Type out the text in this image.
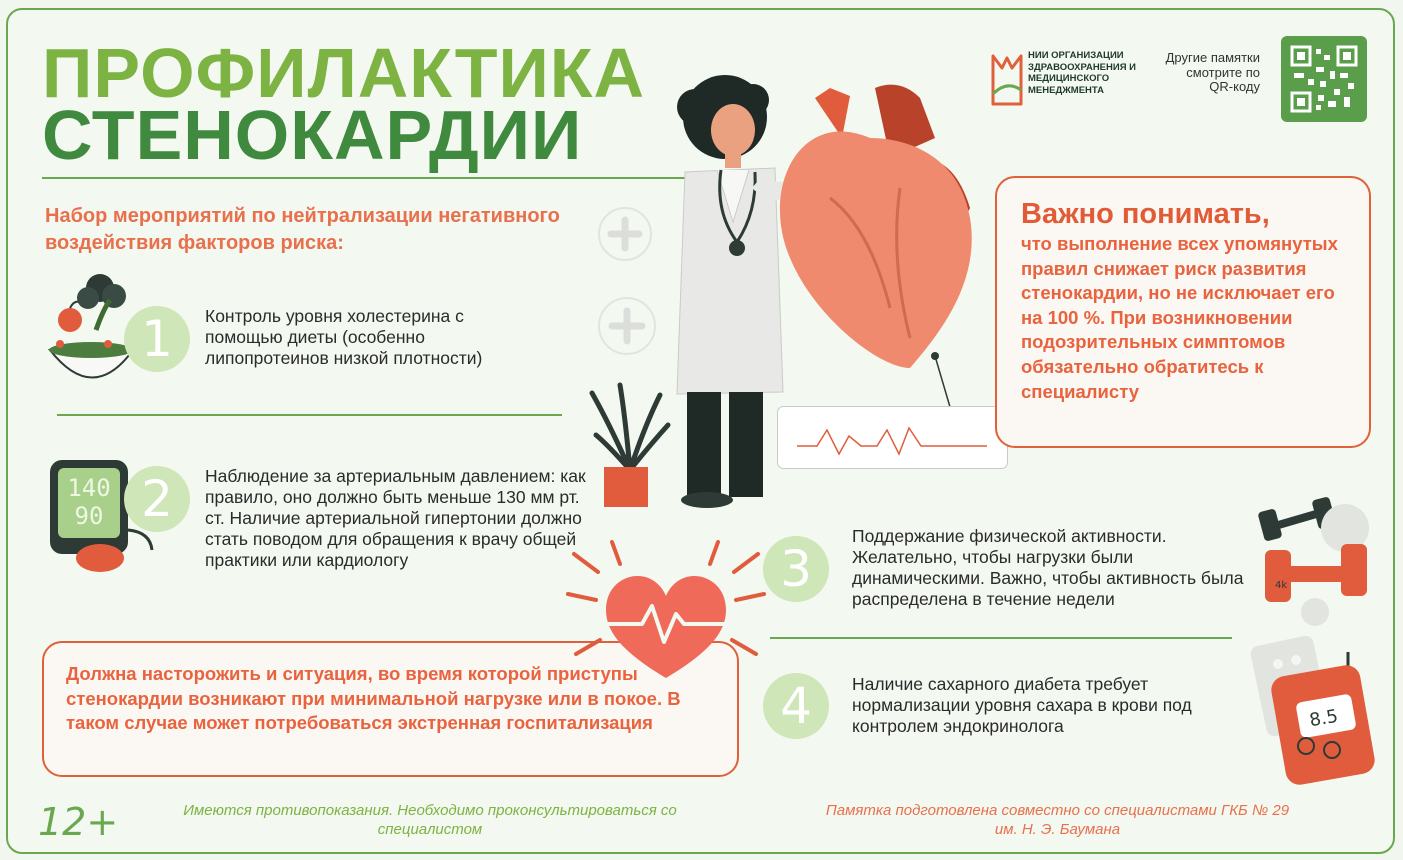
ПРОФИЛАКТИКА
СТЕНОКАРДИИ
НИИ ОРГАНИЗАЦИИ ЗДРАВООХРАНЕНИЯ И МЕДИЦИНСКОГО МЕНЕДЖМЕНТА
Другие памятки смотрите по QR-коду
Набор мероприятий по нейтрализации негативного воздействия факторов риска:
1	Контроль уровня холестерина с помощью диеты (особенно липопротеинов низкой плотности)
140
90 2	Наблюдение за артериальным давлением: как правило, оно должно быть меньше 130 мм рт. ст. Наличие артериальной гипертонии должно стать поводом для обращения к врачу общей практики или кардиологу
Важно понимать,
что выполнение всех упомянутых правил снижает риск развития стенокардии, но не исключает его на 100 %. При возникновении подозрительных симптомов обязательно обратитесь к специалисту
3
Поддержание физической активности. Желательно, чтобы нагрузки были динамическими. Важно, чтобы активность была распределена в течение недели
4k
4	Наличие сахарного диабета требует нормализации уровня сахара в крови под контролем эндокринолога	8.5
Должна насторожить и ситуация, во время которой приступы стенокардии возникают при минимальной нагрузке или в покое. В таком случае может потребоваться экстренная госпитализация
12+	Имеются противопоказания. Необходимо проконсультироваться со специалистом
Памятка подготовлена совместно со специалистами ГКБ № 29 им. Н. Э. Баумана
